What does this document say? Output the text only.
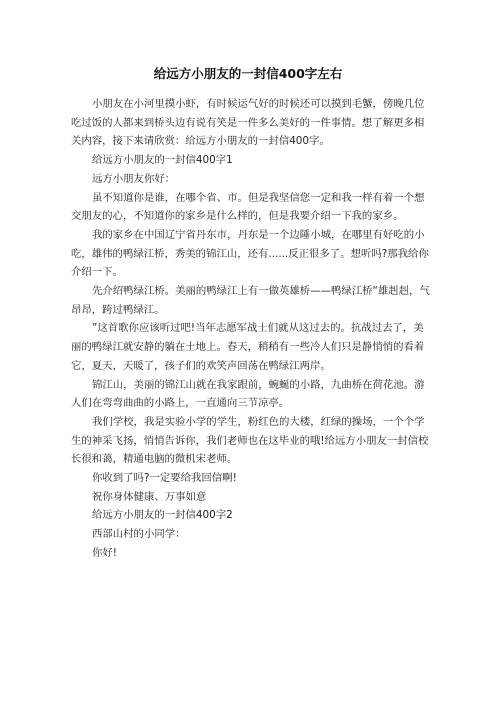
给远方小朋友的一封信400字左右

小朋友在小河里摸小虾，有时候运气好的时候还可以摸到毛蟹，傍晚几位吃过饭的人都来到桥头边有说有笑是一件多么美好的一件事情。想了解更多相关内容，接下来请欣赏：给远方小朋友的一封信400字。

给远方小朋友的一封信400字1

远方小朋友你好：

虽不知道你是谁，在哪个省、市。但是我坚信您一定和我一样有着一个想交朋友的心，不知道你的家乡是什么样的，但是我要介绍一下我的家乡。

我的家乡在中国辽宁省丹东市，丹东是一个边陲小城，在哪里有好吃的小吃，雄伟的鸭绿江桥，秀美的锦江山，还有......反正很多了。想听吗?那我给你介绍一下。

先介绍鸭绿江桥。美丽的鸭绿江上有一做英雄桥——鸭绿江桥“雄赳赳，气昂昂，跨过鸭绿江。

”这首歌你应该听过吧!当年志愿军战士们就从这过去的。抗战过去了，美丽的鸭绿江就安静的躺在土地上。春天，稍稍有一些冷人们只是静悄悄的看着它，夏天，天暖了，孩子们的欢笑声回荡在鸭绿江两岸。

锦江山，美丽的锦江山就在我家跟前，蜿蜒的小路，九曲桥在荷花池。游人们在弯弯曲曲的小路上，一直通向三节凉亭。

我们学校，我是实验小学的学生，粉红色的大楼，红绿的操场，一个个学生的神采飞扬，悄悄告诉你，我们老师也在这毕业的哦!给远方小朋友一封信校长很和蔼，精通电脑的微机宋老师。

你收到了吗?一定要给我回信啊!

祝你身体健康、万事如意

给远方小朋友的一封信400字2

西部山村的小同学：

你好!
